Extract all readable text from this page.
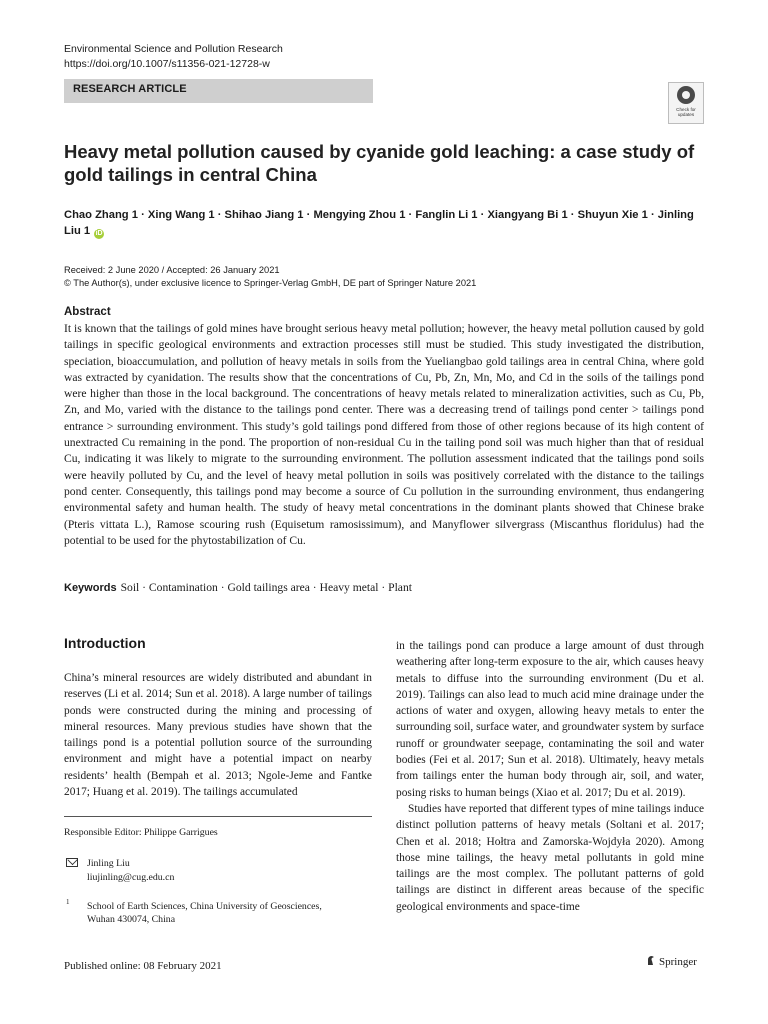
Environmental Science and Pollution Research
https://doi.org/10.1007/s11356-021-12728-w
RESEARCH ARTICLE
Check for updates
Heavy metal pollution caused by cyanide gold leaching: a case study of gold tailings in central China
Chao Zhang 1 · Xing Wang 1 · Shihao Jiang 1 · Mengying Zhou 1 · Fanglin Li 1 · Xiangyang Bi 1 · Shuyun Xie 1 · Jinling Liu 1 iD
Received: 2 June 2020 / Accepted: 26 January 2021
© The Author(s), under exclusive licence to Springer-Verlag GmbH, DE part of Springer Nature 2021
Abstract
It is known that the tailings of gold mines have brought serious heavy metal pollution; however, the heavy metal pollution caused by gold tailings in specific geological environments and extraction processes still must be studied. This study investigated the distribution, speciation, bioaccumulation, and pollution of heavy metals in soils from the Yueliangbao gold tailings area in central China, where gold was extracted by cyanidation. The results show that the concentrations of Cu, Pb, Zn, Mn, Mo, and Cd in the soils of the tailings pond were higher than those in the local background. The concentrations of heavy metals related to mineralization activities, such as Cu, Pb, Zn, and Mo, varied with the distance to the tailings pond center. There was a decreasing trend of tailings pond center > tailings pond entrance > surrounding environment. This study’s gold tailings pond differed from those of other regions because of its high content of unextracted Cu remaining in the pond. The proportion of non-residual Cu in the tailing pond soil was much higher than that of residual Cu, indicating it was likely to migrate to the surrounding environment. The pollution assessment indicated that the tailings pond soils were heavily polluted by Cu, and the level of heavy metal pollution in soils was positively correlated with the distance to the tailings pond center. Consequently, this tailings pond may become a source of Cu pollution in the surrounding environment, thus endangering environmental safety and human health. The study of heavy metal concentrations in the dominant plants showed that Chinese brake (Pteris vittata L.), Ramose scouring rush (Equisetum ramosissimum), and Manyflower silvergrass (Miscanthus floridulus) had the potential to be used for the phytostabilization of Cu.
Keywords Soil · Contamination · Gold tailings area · Heavy metal · Plant
Introduction
China’s mineral resources are widely distributed and abundant in reserves (Li et al. 2014; Sun et al. 2018). A large number of tailings ponds were constructed during the mining and processing of mineral resources. Many previous studies have shown that the tailings pond is a potential pollution source of the surrounding environment and might have a potential impact on nearby residents’ health (Bempah et al. 2013; Ngole-Jeme and Fantke 2017; Huang et al. 2019). The tailings accumulated
Responsible Editor: Philippe Garrigues
Jinling Liu
liujinling@cug.edu.cn
1 School of Earth Sciences, China University of Geosciences,
Wuhan 430074, China

in the tailings pond can produce a large amount of dust through weathering after long-term exposure to the air, which causes heavy metals to diffuse into the surrounding environment (Du et al. 2019). Tailings can also lead to much acid mine drainage under the actions of water and oxygen, allowing heavy metals to enter the surrounding soil, surface water, and groundwater system by surface runoff or groundwater seepage, contaminating the soil and water bodies (Fei et al. 2017; Sun et al. 2018). Ultimately, heavy metals from tailings enter the human body through air, soil, and water, posing risks to human beings (Xiao et al. 2017; Du et al. 2019).

Studies have reported that different types of mine tailings induce distinct pollution patterns of heavy metals (Soltani et al. 2017; Chen et al. 2018; Hołtra and Zamorska-Wojdyła 2020). Among those mine tailings, the heavy metal pollutants in gold mine tailings are the most complex. The pollutant patterns of gold tailings are distinct in different areas because of the specific geological environments and space-time

Published online: 08 February 2021	Springer
